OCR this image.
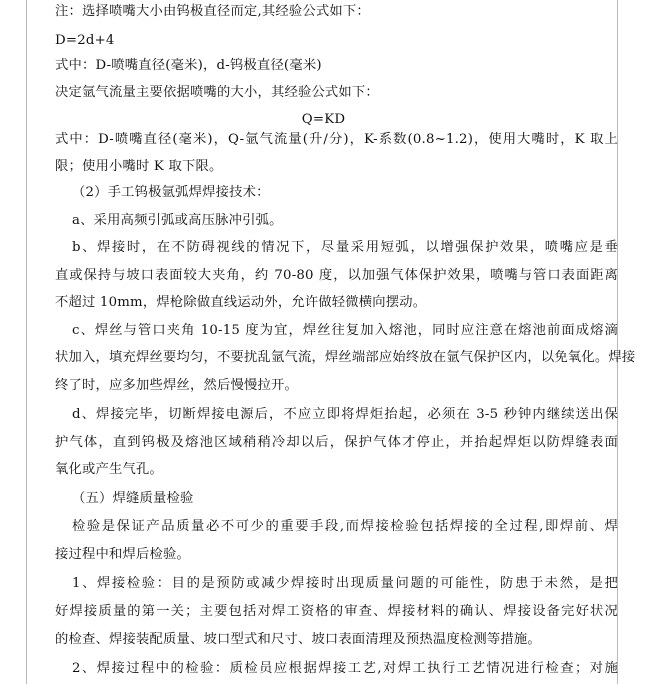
注：选择喷嘴大小由钨极直径而定,其经验公式如下：
D=2d+4
式中：D-喷嘴直径(毫米)，d-钨极直径(毫米)
决定氩气流量主要依据喷嘴的大小，其经验公式如下：
Q=KD
式中：D-喷嘴直径(毫米)，Q-氩气流量(升/分)，K-系数(0.8~1.2)，使用大嘴时，K 取上
限；使用小嘴时 K 取下限。
（2）手工钨极氩弧焊焊接技术：
a、采用高频引弧或高压脉冲引弧。
b、焊接时，在不防碍视线的情况下，尽量采用短弧，以增强保护效果，喷嘴应是垂
直或保持与坡口表面较大夹角，约 70-80 度，以加强气体保护效果，喷嘴与管口表面距离
不超过 10mm，焊枪除做直线运动外，允许做轻微横向摆动。
c、焊丝与管口夹角 10-15 度为宜，焊丝往复加入熔池，同时应注意在熔池前面成熔滴
状加入，填充焊丝要均匀，不要扰乱氩气流，焊丝端部应始终放在氩气保护区内，以免氧化。焊接
终了时，应多加些焊丝，然后慢慢拉开。
d、焊接完毕，切断焊接电源后，不应立即将焊炬抬起，必须在 3-5 秒钟内继续送出保
护气体，直到钨极及熔池区域稍稍冷却以后，保护气体才停止，并抬起焊炬以防焊缝表面
氧化或产生气孔。
（五）焊缝质量检验
检验是保证产品质量必不可少的重要手段,而焊接检验包括焊接的全过程,即焊前、焊
接过程中和焊后检验。
1、焊接检验：目的是预防或减少焊接时出现质量问题的可能性，防患于未然，是把
好焊接质量的第一关；主要包括对焊工资格的审查、焊接材料的确认、焊接设备完好状况
的检查、焊接装配质量、坡口型式和尺寸、坡口表面清理及预热温度检测等措施。
2、焊接过程中的检验：质检员应根据焊接工艺,对焊工执行工艺情况进行检查；对施
